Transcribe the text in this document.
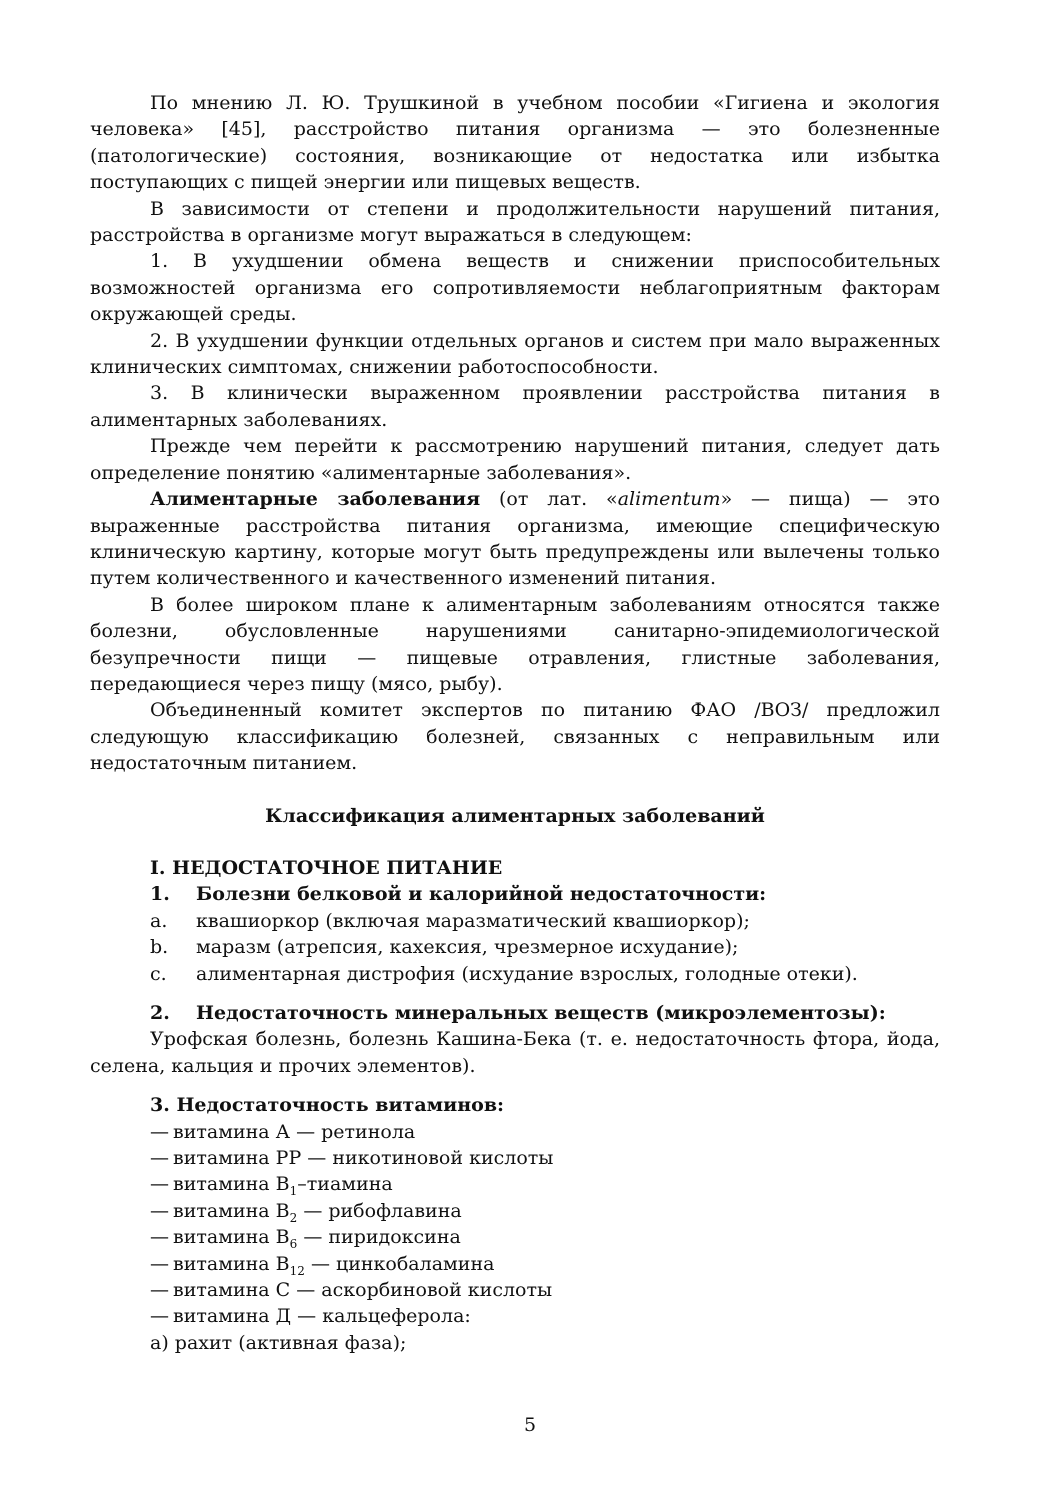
По мнению Л. Ю. Трушкиной в учебном пособии «Гигиена и экология человека» [45], расстройство питания организма — это болезненные (патологические) состояния, возникающие от недостатка или избытка поступающих с пищей энергии или пищевых веществ.

В зависимости от степени и продолжительности нарушений питания, расстройства в организме могут выражаться в следующем:

1. В ухудшении обмена веществ и снижении приспособительных возможностей организма его сопротивляемости неблагоприятным факторам окружающей среды.

2. В ухудшении функции отдельных органов и систем при мало выраженных клинических симптомах, снижении работоспособности.

3. В клинически выраженном проявлении расстройства питания в алиментарных заболеваниях.

Прежде чем перейти к рассмотрению нарушений питания, следует дать определение понятию «алиментарные заболевания».

Алиментарные заболевания (от лат. «alimentum» — пища) — это выраженные расстройства питания организма, имеющие специфическую клиническую картину, которые могут быть предупреждены или вылечены только путем количественного и качественного изменений питания.

В более широком плане к алиментарным заболеваниям относятся также болезни, обусловленные нарушениями санитарно-эпидемиологической безупречности пищи — пищевые отравления, глистные заболевания, передающиеся через пищу (мясо, рыбу).

Объединенный комитет экспертов по питанию ФАО /ВОЗ/ предложил следующую классификацию болезней, связанных с неправильным или недостаточным питанием.

Классификация алиментарных заболеваний

I. НЕДОСТАТОЧНОЕ ПИТАНИЕ

1.	Болезни белковой и калорийной недостаточности:
a.	квашиоркор (включая маразматический квашиоркор);
b.	маразм (атрепсия, кахексия, чрезмерное исхудание);
c.	алиментарная дистрофия (исхудание взрослых, голодные отеки).
2.	Недостаточность минеральных веществ (микроэлементозы):

Урофская болезнь, болезнь Кашина-Бека (т. е. недостаточность фтора, йода, селена, кальция и прочих элементов).

3. Недостаточность витаминов:

— витамина А — ретинола
— витамина РР — никотиновой кислоты
— витамина $В_1$–тиамина
— витамина $В_2$ — рибофлавина
— витамина $В_6$ — пиридоксина
— витамина $В_{12}$ — цинкобаламина
— витамина С — аскорбиновой кислоты
— витамина Д — кальцеферола:
а) рахит (активная фаза);
5
